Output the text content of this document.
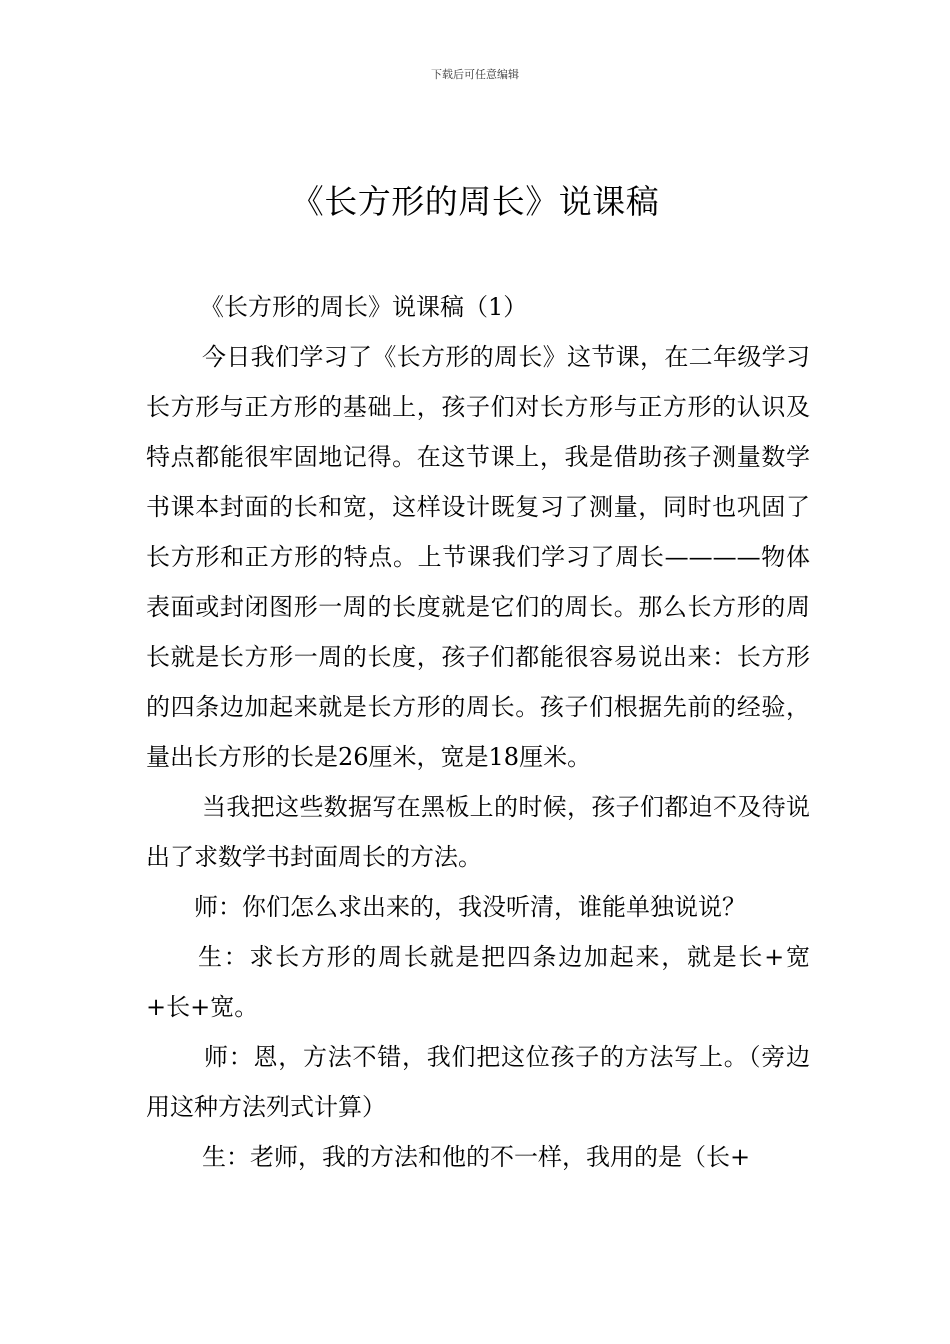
下载后可任意编辑
《长方形的周长》说课稿

《长方形的周长》说课稿（1）

今日我们学习了《长方形的周长》这节课，在二年级学习长方形与正方形的基础上，孩子们对长方形与正方形的认识及特点都能很牢固地记得。在这节课上，我是借助孩子测量数学书课本封面的长和宽，这样设计既复习了测量，同时也巩固了长方形和正方形的特点。上节课我们学习了周长————物体表面或封闭图形一周的长度就是它们的周长。那么长方形的周长就是长方形一周的长度，孩子们都能很容易说出来：长方形的四条边加起来就是长方形的周长。孩子们根据先前的经验，量出长方形的长是26厘米，宽是18厘米。

当我把这些数据写在黑板上的时候，孩子们都迫不及待说出了求数学书封面周长的方法。

师：你们怎么求出来的，我没听清，谁能单独说说？

生：求长方形的周长就是把四条边加起来，就是长+宽+长+宽。

师：恩，方法不错，我们把这位孩子的方法写上。（旁边用这种方法列式计算）

生：老师，我的方法和他的不一样，我用的是（长+
